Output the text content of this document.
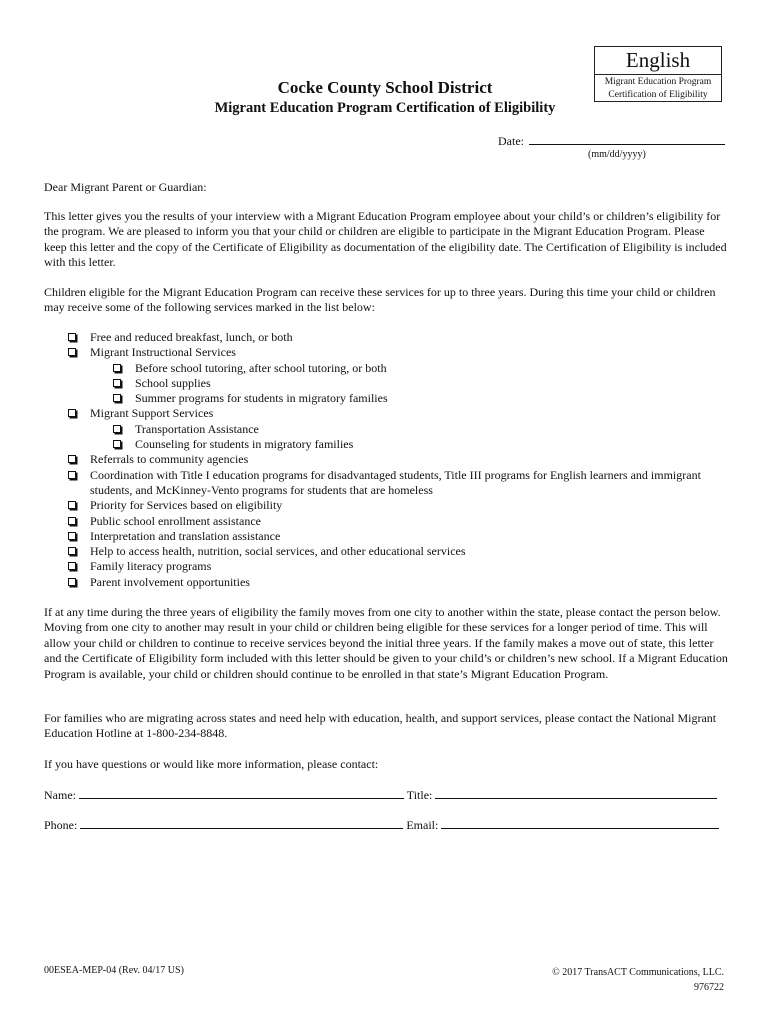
English
Migrant Education Program
Certification of Eligibility
Cocke County School District
Migrant Education Program Certification of Eligibility
Date:
(mm/dd/yyyy)
Dear Migrant Parent or Guardian:

This letter gives you the results of your interview with a Migrant Education Program employee about your child’s or children’s eligibility for the program. We are pleased to inform you that your child or children are eligible to participate in the Migrant Education Program. Please keep this letter and the copy of the Certificate of Eligibility as documentation of the eligibility date. The Certification of Eligibility is included with this letter.

Children eligible for the Migrant Education Program can receive these services for up to three years. During this time your child or children may receive some of the following services marked in the list below:

Free and reduced breakfast, lunch, or both
Migrant Instructional Services
Before school tutoring, after school tutoring, or both
School supplies
Summer programs for students in migratory families
Migrant Support Services
Transportation Assistance
Counseling for students in migratory families
Referrals to community agencies
Coordination with Title I education programs for disadvantaged students, Title III programs for English learners and immigrant students, and McKinney-Vento programs for students that are homeless
Priority for Services based on eligibility
Public school enrollment assistance
Interpretation and translation assistance
Help to access health, nutrition, social services, and other educational services
Family literacy programs
Parent involvement opportunities

If at any time during the three years of eligibility the family moves from one city to another within the state, please contact the person below. Moving from one city to another may result in your child or children being eligible for these services for a longer period of time. This will allow your child or children to continue to receive services beyond the initial three years. If the family makes a move out of state, this letter and the Certificate of Eligibility form included with this letter should be given to your child’s or children’s new school. If a Migrant Education Program is available, your child or children should continue to be enrolled in that state’s Migrant Education Program.

For families who are migrating across states and need help with education, health, and support services, please contact the National Migrant Education Hotline at 1-800-234-8848.

If you have questions or would like more information, please contact:

Name:	Title:
Phone:	Email:
00ESEA-MEP-04 (Rev. 04/17 US)	© 2017 TransACT Communications, LLC.
976722
